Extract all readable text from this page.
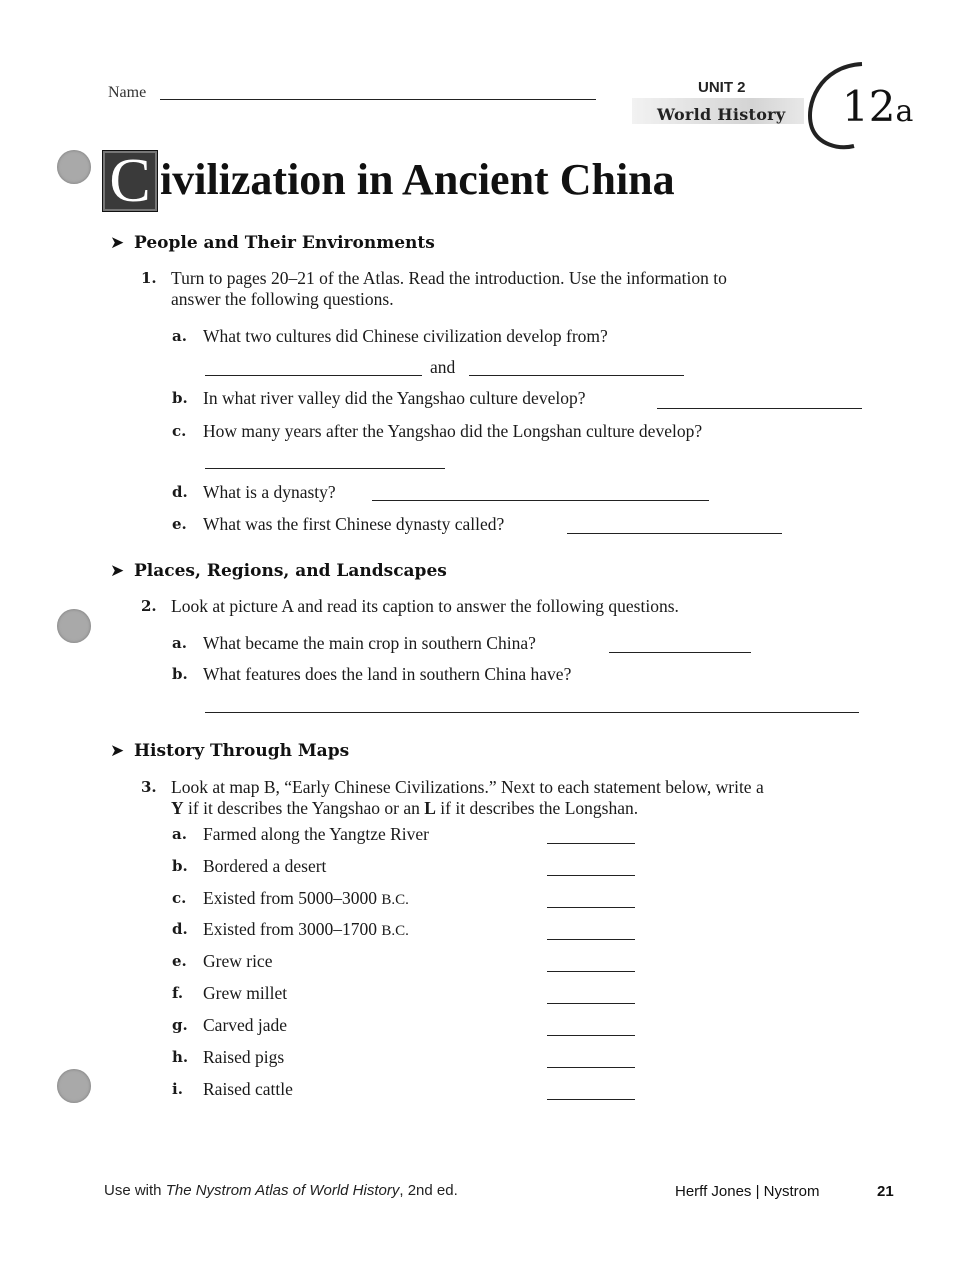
Name	UNIT 2
World History 12a
C ivilization in Ancient China
➤ People and Their Environments
1. Turn to pages 20–21 of the Atlas. Read the introduction. Use the information to
answer the following questions.
a. What two cultures did Chinese civilization develop from?
and
b. In what river valley did the Yangshao culture develop?
c. How many years after the Yangshao did the Longshan culture develop?
d. What is a dynasty?
e. What was the first Chinese dynasty called?
➤ Places, Regions, and Landscapes
2. Look at picture A and read its caption to answer the following questions.
a. What became the main crop in southern China?
b. What features does the land in southern China have?
➤ History Through Maps
3. Look at map B, “Early Chinese Civilizations.” Next to each statement below, write a
Y if it describes the Yangshao or an L if it describes the Longshan.
a. Farmed along the Yangtze River
b. Bordered a desert
c. Existed from 5000–3000 B.C.
d. Existed from 3000–1700 B.C.
e. Grew rice
f. Grew millet
g. Carved jade
h. Raised pigs
i. Raised cattle
Use with The Nystrom Atlas of World History, 2nd ed.	Herff Jones | Nystrom	21
